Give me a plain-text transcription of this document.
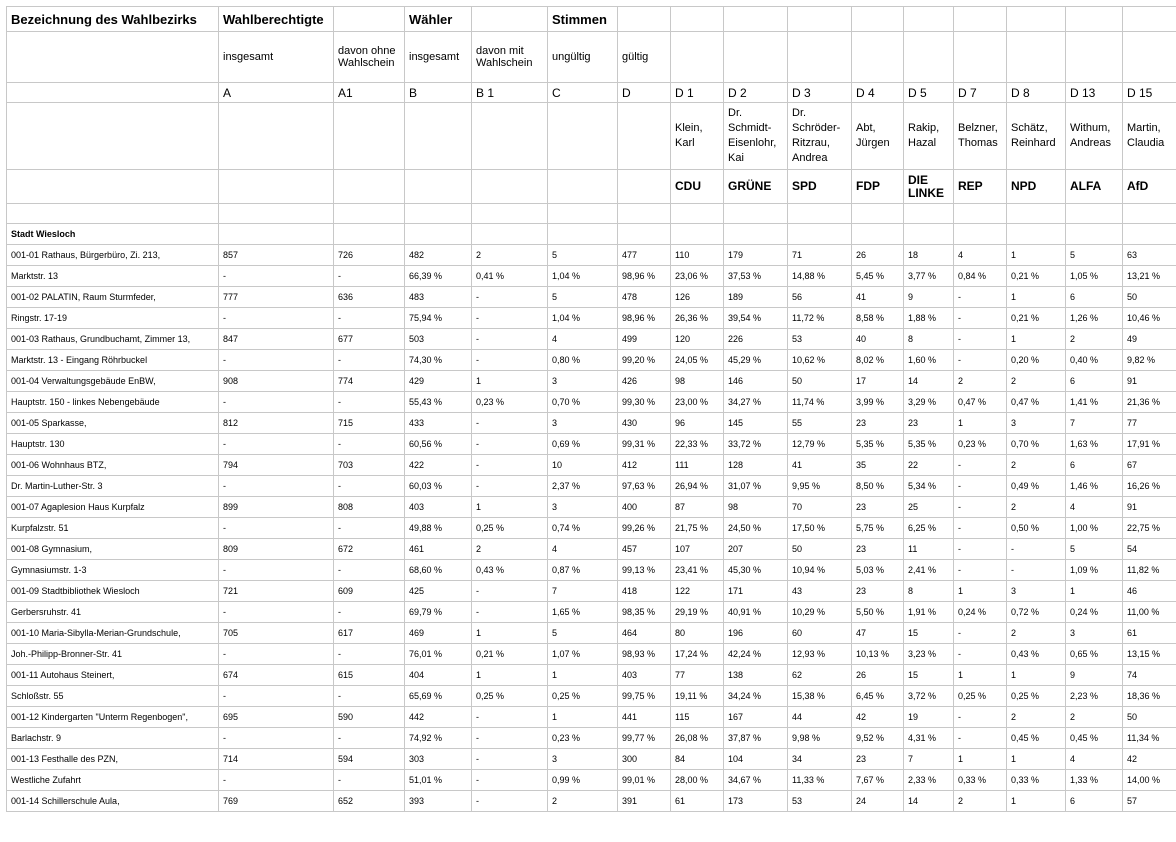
Bezeichnung des Wahlbezirks	Wahlberechtigte		Wähler		Stimmen										
	insgesamt	davon ohne Wahlschein	insgesamt	davon mit Wahlschein	ungültig	gültig									
	A	A1	B	B 1	C	D	D 1	D 2	D 3	D 4	D 5	D 7	D 8	D 13	D 15
							Klein, Karl	Dr. Schmidt-Eisenlohr, Kai	Dr. Schröder-Ritzrau, Andrea	Abt, Jürgen	Rakip, Hazal	Belzner, Thomas	Schätz, Reinhard	Withum, Andreas	Martin, Claudia
							CDU	GRÜNE	SPD	FDP	DIE LINKE	REP	NPD	ALFA	AfD

Stadt Wiesloch															
001-01 Rathaus, Bürgerbüro, Zi. 213,	857	726	482	2	5	477	110	179	71	26	18	4	1	5	63
Marktstr. 13	-	-	66,39 %	0,41 %	1,04 %	98,96 %	23,06 %	37,53 %	14,88 %	5,45 %	3,77 %	0,84 %	0,21 %	1,05 %	13,21 %
001-02 PALATIN, Raum Sturmfeder,	777	636	483	-	5	478	126	189	56	41	9	-	1	6	50
Ringstr. 17-19	-	-	75,94 %	-	1,04 %	98,96 %	26,36 %	39,54 %	11,72 %	8,58 %	1,88 %	-	0,21 %	1,26 %	10,46 %
001-03 Rathaus, Grundbuchamt, Zimmer 13,	847	677	503	-	4	499	120	226	53	40	8	-	1	2	49
Marktstr. 13 - Eingang Röhrbuckel	-	-	74,30 %	-	0,80 %	99,20 %	24,05 %	45,29 %	10,62 %	8,02 %	1,60 %	-	0,20 %	0,40 %	9,82 %
001-04 Verwaltungsgebäude EnBW,	908	774	429	1	3	426	98	146	50	17	14	2	2	6	91
Hauptstr. 150 - linkes Nebengebäude	-	-	55,43 %	0,23 %	0,70 %	99,30 %	23,00 %	34,27 %	11,74 %	3,99 %	3,29 %	0,47 %	0,47 %	1,41 %	21,36 %
001-05 Sparkasse,	812	715	433	-	3	430	96	145	55	23	23	1	3	7	77
Hauptstr. 130	-	-	60,56 %	-	0,69 %	99,31 %	22,33 %	33,72 %	12,79 %	5,35 %	5,35 %	0,23 %	0,70 %	1,63 %	17,91 %
001-06 Wohnhaus BTZ,	794	703	422	-	10	412	111	128	41	35	22	-	2	6	67
Dr. Martin-Luther-Str. 3	-	-	60,03 %	-	2,37 %	97,63 %	26,94 %	31,07 %	9,95 %	8,50 %	5,34 %	-	0,49 %	1,46 %	16,26 %
001-07 Agaplesion Haus Kurpfalz	899	808	403	1	3	400	87	98	70	23	25	-	2	4	91
Kurpfalzstr. 51	-	-	49,88 %	0,25 %	0,74 %	99,26 %	21,75 %	24,50 %	17,50 %	5,75 %	6,25 %	-	0,50 %	1,00 %	22,75 %
001-08 Gymnasium,	809	672	461	2	4	457	107	207	50	23	11	-	-	5	54
Gymnasiumstr. 1-3	-	-	68,60 %	0,43 %	0,87 %	99,13 %	23,41 %	45,30 %	10,94 %	5,03 %	2,41 %	-	-	1,09 %	11,82 %
001-09 Stadtbibliothek Wiesloch	721	609	425	-	7	418	122	171	43	23	8	1	3	1	46
Gerbersruhstr. 41	-	-	69,79 %	-	1,65 %	98,35 %	29,19 %	40,91 %	10,29 %	5,50 %	1,91 %	0,24 %	0,72 %	0,24 %	11,00 %
001-10 Maria-Sibylla-Merian-Grundschule,	705	617	469	1	5	464	80	196	60	47	15	-	2	3	61
Joh.-Philipp-Bronner-Str. 41	-	-	76,01 %	0,21 %	1,07 %	98,93 %	17,24 %	42,24 %	12,93 %	10,13 %	3,23 %	-	0,43 %	0,65 %	13,15 %
001-11 Autohaus Steinert,	674	615	404	1	1	403	77	138	62	26	15	1	1	9	74
Schloßstr. 55	-	-	65,69 %	0,25 %	0,25 %	99,75 %	19,11 %	34,24 %	15,38 %	6,45 %	3,72 %	0,25 %	0,25 %	2,23 %	18,36 %
001-12 Kindergarten "Unterm Regenbogen",	695	590	442	-	1	441	115	167	44	42	19	-	2	2	50
Barlachstr. 9	-	-	74,92 %	-	0,23 %	99,77 %	26,08 %	37,87 %	9,98 %	9,52 %	4,31 %	-	0,45 %	0,45 %	11,34 %
001-13 Festhalle des PZN,	714	594	303	-	3	300	84	104	34	23	7	1	1	4	42
Westliche Zufahrt	-	-	51,01 %	-	0,99 %	99,01 %	28,00 %	34,67 %	11,33 %	7,67 %	2,33 %	0,33 %	0,33 %	1,33 %	14,00 %
001-14 Schillerschule Aula,	769	652	393	-	2	391	61	173	53	24	14	2	1	6	57
